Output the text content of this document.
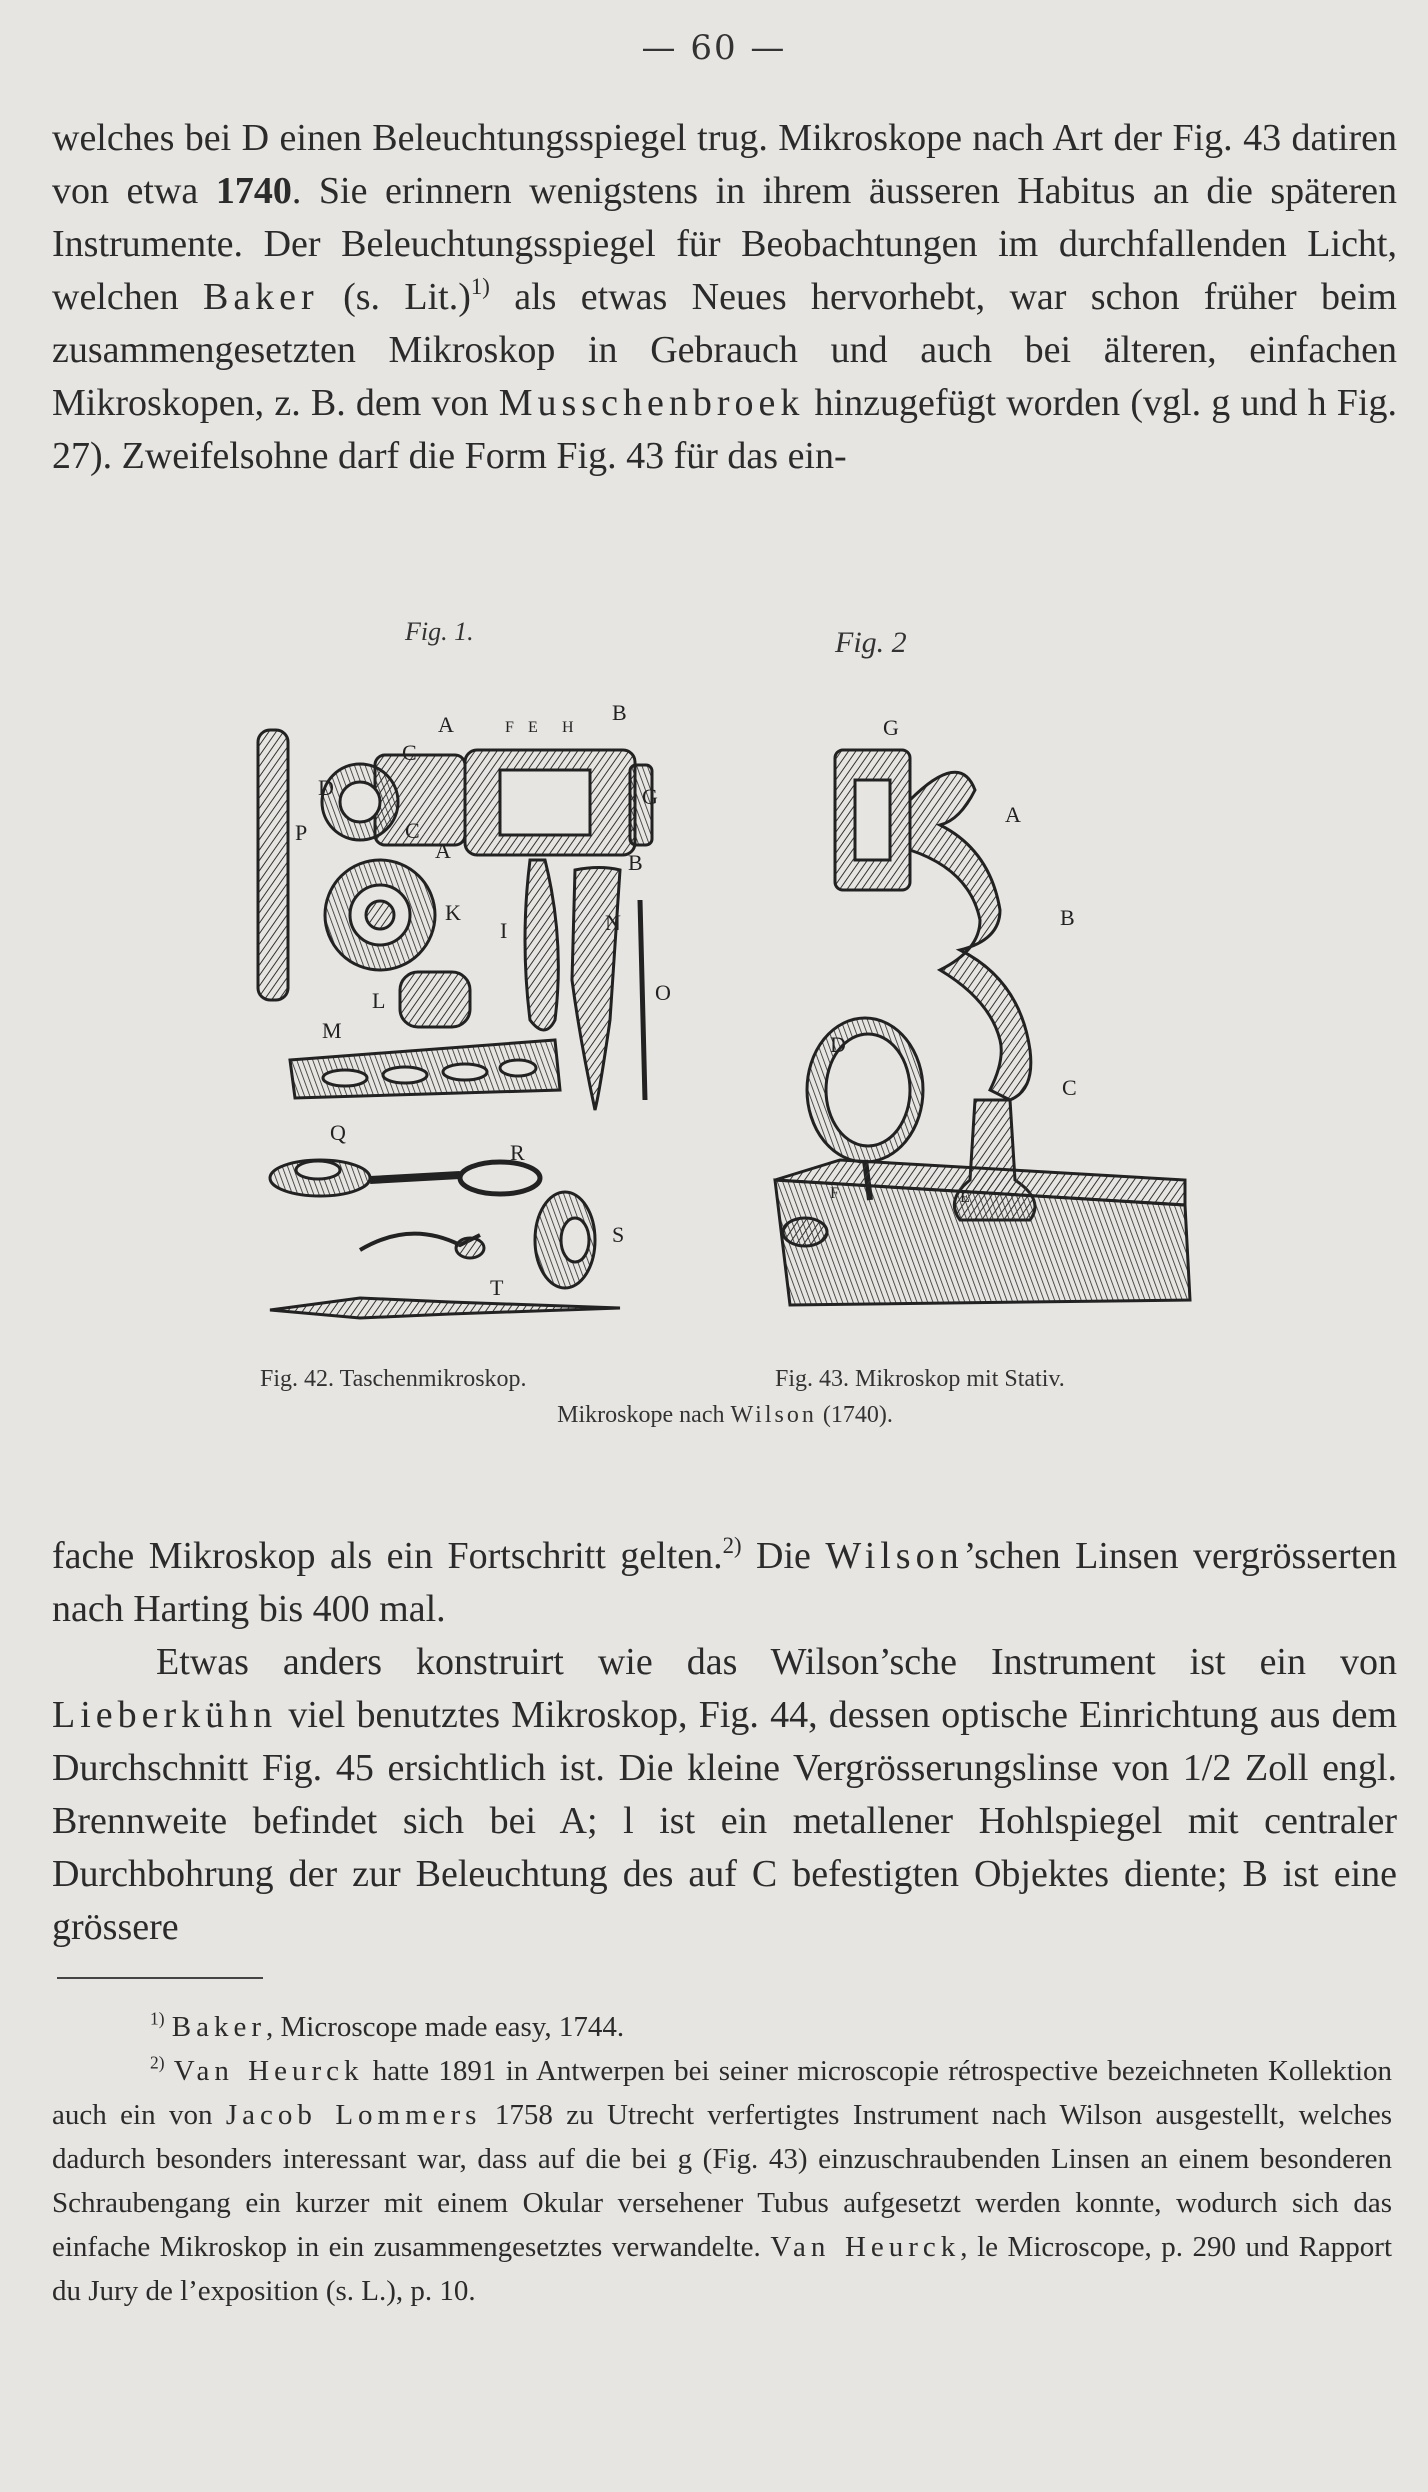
— 60 —

welches bei D einen Beleuchtungsspiegel trug. Mikroskope nach Art der Fig. 43 datiren von etwa 1740. Sie erinnern wenigstens in ihrem äusseren Habitus an die späteren Instrumente. Der Beleuchtungsspiegel für Beobachtungen im durchfallenden Licht, welchen Baker (s. Lit.)$^{1)}$ als etwas Neues hervorhebt, war schon früher beim zusammengesetzten Mikroskop in Gebrauch und auch bei älteren, einfachen Mikroskopen, z. B. dem von Musschenbroek hinzugefügt worden (vgl. g und h Fig. 27). Zweifelsohne darf die Form Fig. 43 für das ein-

Fig. 1.
A	F E H
B
C
D	G
P	C
A	B
K
I	N
O
L
M
Q
R
S
T
Fig. 2
G
A
B
D
C
F	E
Fig. 42. Taschenmikroskop.	Fig. 43. Mikroskop mit Stativ.
Mikroskope nach Wilson (1740).

fache Mikroskop als ein Fortschritt gelten.$^{2)}$ Die Wilson’schen Linsen vergrösserten nach Harting bis 400 mal.

Etwas anders konstruirt wie das Wilson’sche Instrument ist ein von Lieberkühn viel benutztes Mikroskop, Fig. 44, dessen optische Einrichtung aus dem Durchschnitt Fig. 45 ersichtlich ist. Die kleine Vergrösserungslinse von 1/2 Zoll engl. Brennweite befindet sich bei A; l ist ein metallener Hohlspiegel mit centraler Durchbohrung der zur Beleuchtung des auf C befestigten Objektes diente; B ist eine grössere

$^{1)}$ Baker, Microscope made easy, 1744.

$^{2)}$ Van Heurck hatte 1891 in Antwerpen bei seiner microscopie rétrospective bezeichneten Kollektion auch ein von Jacob Lommers 1758 zu Utrecht verfertigtes Instrument nach Wilson ausgestellt, welches dadurch besonders interessant war, dass auf die bei g (Fig. 43) einzuschraubenden Linsen an einem besonderen Schraubengang ein kurzer mit einem Okular versehener Tubus aufgesetzt werden konnte, wodurch sich das einfache Mikroskop in ein zusammengesetztes verwandelte. Van Heurck, le Microscope, p. 290 und Rapport du Jury de l’exposition (s. L.), p. 10.
